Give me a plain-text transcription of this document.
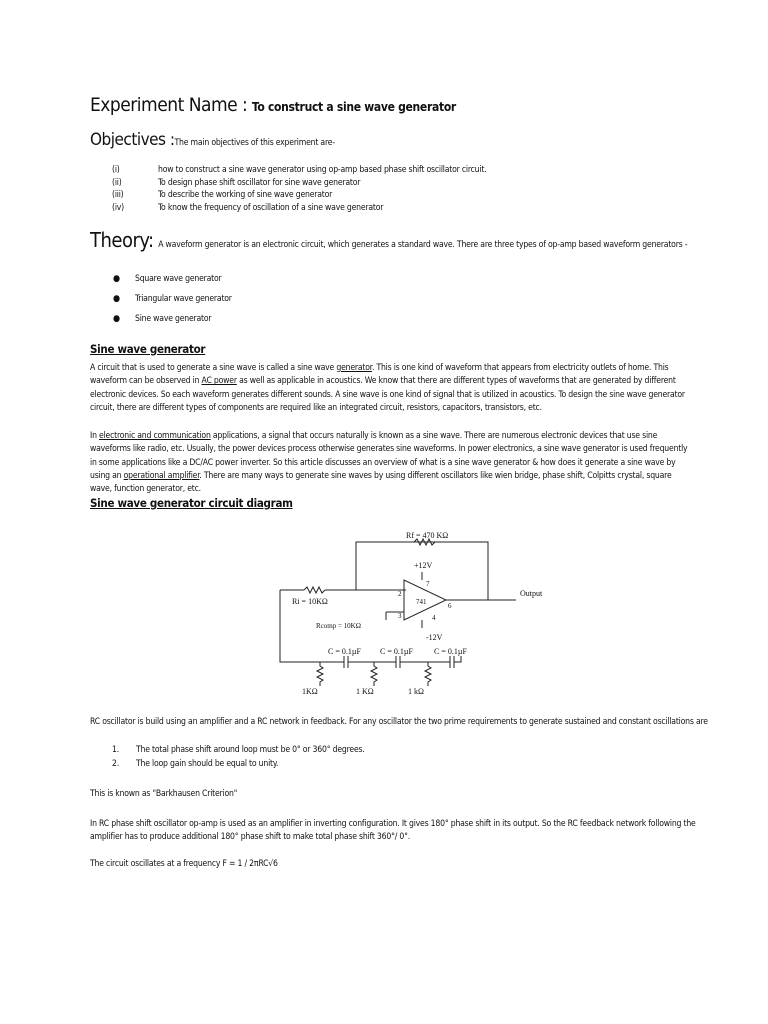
Experiment Name : To construct a sine wave generator
Objectives :The main objectives of this experiment are-
(i)	how to construct a sine wave generator using op-amp based phase shift oscillator circuit.
(ii)	To design phase shift oscillator for sine wave generator
(iii)	To describe the working of sine wave generator
(iv)	To know the frequency of oscillation of a sine wave generator
Theory: A waveform generator is an electronic circuit, which generates a standard wave. There are three types of op-amp based waveform generators -
●	Square wave generator
●	Triangular wave generator
●	Sine wave generator
Sine wave generator
A circuit that is used to generate a sine wave is called a sine wave generator. This is one kind of waveform that appears from electricity outlets of home. This waveform can be observed in AC power as well as applicable in acoustics. We know that there are different types of waveforms that are generated by different electronic devices. So each waveform generates different sounds. A sine wave is one kind of signal that is utilized in acoustics. To design the sine wave generator circuit, there are different types of components are required like an integrated circuit, resistors, capacitors, transistors, etc.
In electronic and communication applications, a signal that occurs naturally is known as a sine wave. There are numerous electronic devices that use sine waveforms like radio, etc. Usually, the power devices process otherwise generates sine waveforms. In power electronics, a sine wave generator is used frequently in some applications like a DC/AC power inverter. So this article discusses an overview of what is a sine wave generator & how does it generate a sine wave by using an operational amplifier. There are many ways to generate sine waves by using different oscillators like wien bridge, phase shift, Colpitts crystal, square wave, function generator, etc.
Sine wave generator circuit diagram
Rf = 470 KΩ
+12V
-12V
Ri = 10KΩ
Rcomp = 10KΩ
741
Output
2
3	4
6
7
C = 0.1µF C = 0.1µF	C = 0.1µF
1KΩ	1 KΩ	1 kΩ
RC oscillator is build using an amplifier and a RC network in feedback. For any oscillator the two prime requirements to generate sustained and constant oscillations are
1.	The total phase shift around loop must be 0° or 360° degrees.
2.	The loop gain should be equal to unity.
This is known as "Barkhausen Criterion"
In RC phase shift oscillator op-amp is used as an amplifier in inverting configuration. It gives 180° phase shift in its output. So the RC feedback network following the amplifier has to produce additional 180° phase shift to make total phase shift 360°/ 0°.
The circuit oscillates at a frequency F = 1 / 2πRC√6
